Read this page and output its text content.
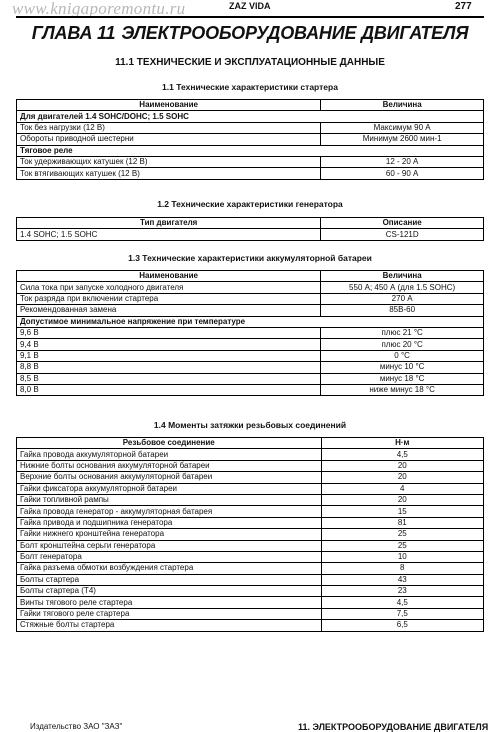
www.knigaporemontu.ru	ZAZ VIDA	277
ГЛАВА 11 ЭЛЕКТРООБОРУДОВАНИЕ ДВИГАТЕЛЯ
11.1 ТЕХНИЧЕСКИЕ И ЭКСПЛУАТАЦИОННЫЕ ДАННЫЕ
1.1 Технические характеристики стартера
Наименование	Величина
Для двигателей 1.4 SOHC/DOHC; 1.5 SOHC	
Ток без нагрузки (12 В)	Максимум 90 А
Обороты приводной шестерни	Минимум 2600 мин-1
Тяговое реле	
Ток удерживающих катушек (12 В)	12 - 20 А
Ток втягивающих катушек (12 В)	60 - 90 А
1.2 Технические характеристики генератора
Тип двигателя	Описание
1.4 SOHC; 1.5 SOHC	CS-121D
1.3 Технические характеристики аккумуляторной батареи
Наименование	Величина
Сила тока при запуске холодного двигателя	550 А; 450 А (для 1.5 SOHC)
Ток разряда при включении стартера	270 А
Рекомендованная замена	85В-60
Допустимое минимальное напряжение при температуре	
9,6 В	плюс 21 °С
9,4 В	плюс 20 °С
9,1 В	0 °С
8,8 В	минус 10 °С
8,5 В	минус 18 °С
8,0 В	ниже минус 18 °С
1.4 Моменты затяжки резьбовых соединений
Резьбовое соединение	Н·м
Гайка провода аккумуляторной батареи	4,5
Нижние болты основания аккумуляторной батареи	20
Верхние болты основания аккумуляторной батареи	20
Гайки фиксатора аккумуляторной батареи	4
Гайки топливной рампы	20
Гайка провода генератор - аккумуляторная батарея	15
Гайка привода и подшипника генератора	81
Гайки нижнего кронштейна генератора	25
Болт кронштейна серьги генератора	25
Болт генератора	10
Гайка разъема обмотки возбуждения стартера	8
Болты стартера	43
Болты стартера (Т4)	23
Винты тягового реле стартера	4,5
Гайки тягового реле стартера	7,5
Стяжные болты стартера	6,5
Издательство ЗАО "ЗАЗ"	11. ЭЛЕКТРООБОРУДОВАНИЕ ДВИГАТЕЛЯ
